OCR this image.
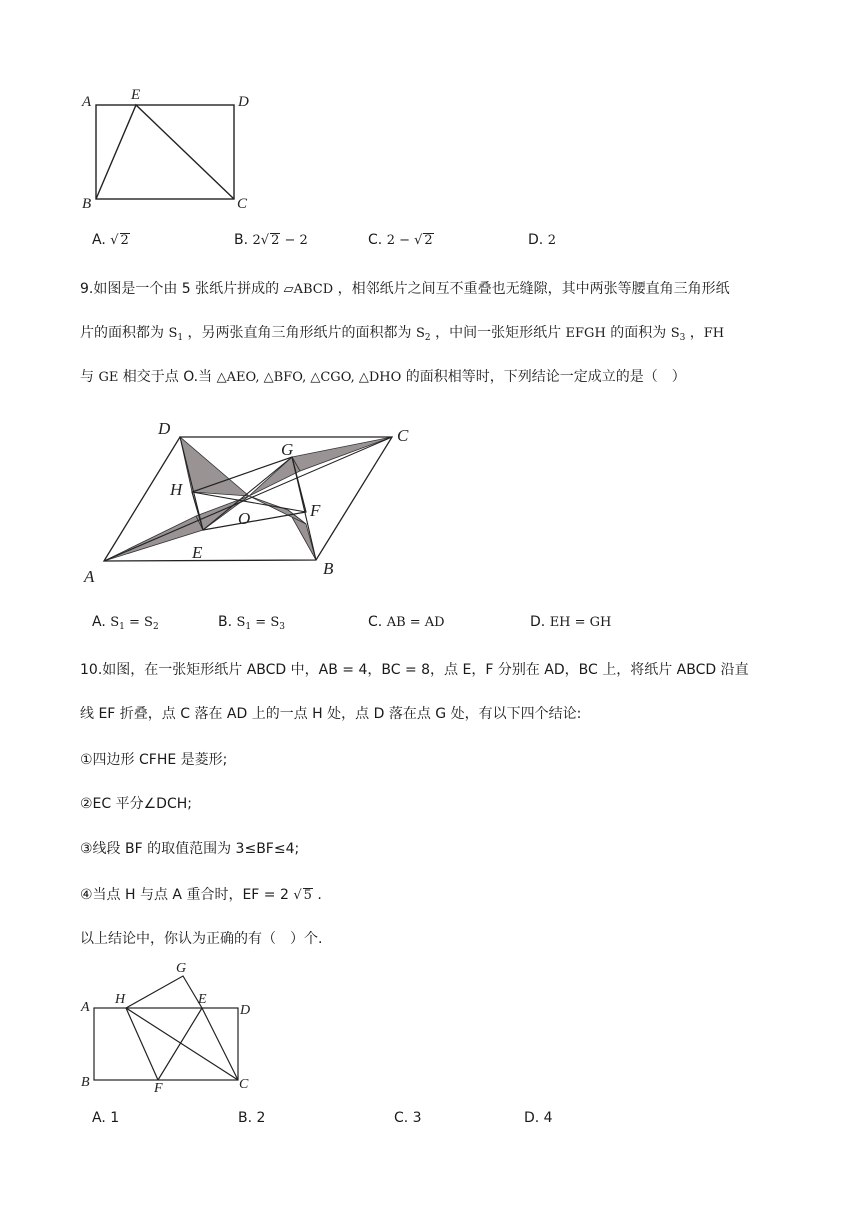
A	E	D
B	C
A. √ 2	B. 2√ 2 − 2	C. 2 − √ 2	D. 2
9.如图是一个由 5 张纸片拼成的 ▱ABCD ，相邻纸片之间互不重叠也无缝隙，其中两张等腰直角三角形纸
片的面积都为 $S_1$ ，另两张直角三角形纸片的面积都为 $S_2$ ，中间一张矩形纸片 EFGH 的面积为 $S_3$ ，FH
与 GE 相交于点 O.当 △AEO, △BFO, △CGO, △DHO 的面积相等时，下列结论一定成立的是（　）
D	C
G
H
O	F
E
A	B
A. $S_1 = S_2$	B. $S_1 = S_3$	C. AB = AD	D. EH = GH
10.如图，在一张矩形纸片 ABCD 中，AB = 4，BC = 8，点 E，F 分别在 AD，BC 上，将纸片 ABCD 沿直
线 EF 折叠，点 C 落在 AD 上的一点 H 处，点 D 落在点 G 处，有以下四个结论:
①四边形 CFHE 是菱形;
②EC 平分∠DCH;
③线段 BF 的取值范围为 3≤BF≤4;
④当点 H 与点 A 重合时，EF = 2 √ 5 .
以上结论中，你认为正确的有（　）个.
G
A
H	E
D
B	F	C
A. 1	B. 2	C. 3	D. 4
